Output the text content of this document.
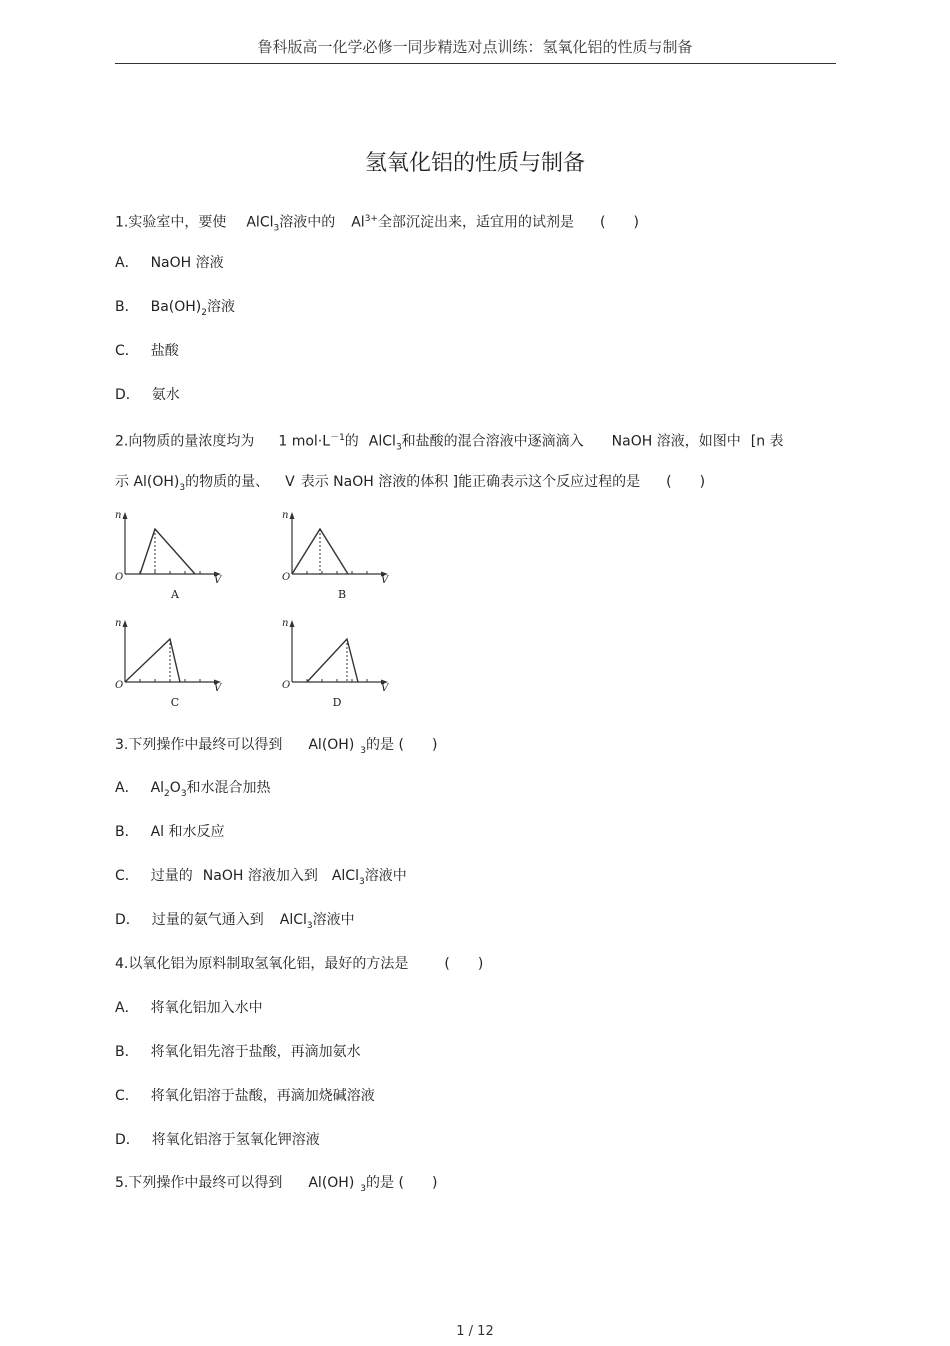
鲁科版高一化学必修一同步精选对点训练：氢氧化铝的性质与制备
氢氧化铝的性质与制备
1.实验室中，要使 AlCl$_3$溶液中的 $Al^{3+}$全部沉淀出来，适宜用的试剂是 (　　)
A． NaOH 溶液
B． $Ba(OH)_2$溶液
C． 盐酸
D． 氨水
2.向物质的量浓度均为 1 $mol\cdot L^{-1}$的 AlCl$_3$和盐酸的混合溶液中逐滴滴入 NaOH 溶液，如图中 [n 表
示 $Al(OH)_3$的物质的量、 V 表示 NaOH 溶液的体积 ]能正确表示这个反应过程的是 (　　)
n
O	V
A
n
O	V
B
n
O	V
C
n
O	V
D
3.下列操作中最终可以得到 Al(OH) $_3$的是 (　　)
A． $Al_2O_3$和水混合加热
B． Al 和水反应
C． 过量的 NaOH 溶液加入到 AlCl$_3$溶液中
D． 过量的氨气通入到 AlCl$_3$溶液中
4.以氧化铝为原料制取氢氧化铝，最好的方法是	(　　)
A． 将氧化铝加入水中
B． 将氧化铝先溶于盐酸，再滴加氨水
C． 将氧化铝溶于盐酸，再滴加烧碱溶液
D． 将氧化铝溶于氢氧化钾溶液
5.下列操作中最终可以得到 Al(OH) $_3$的是 (　　)
1 / 12
